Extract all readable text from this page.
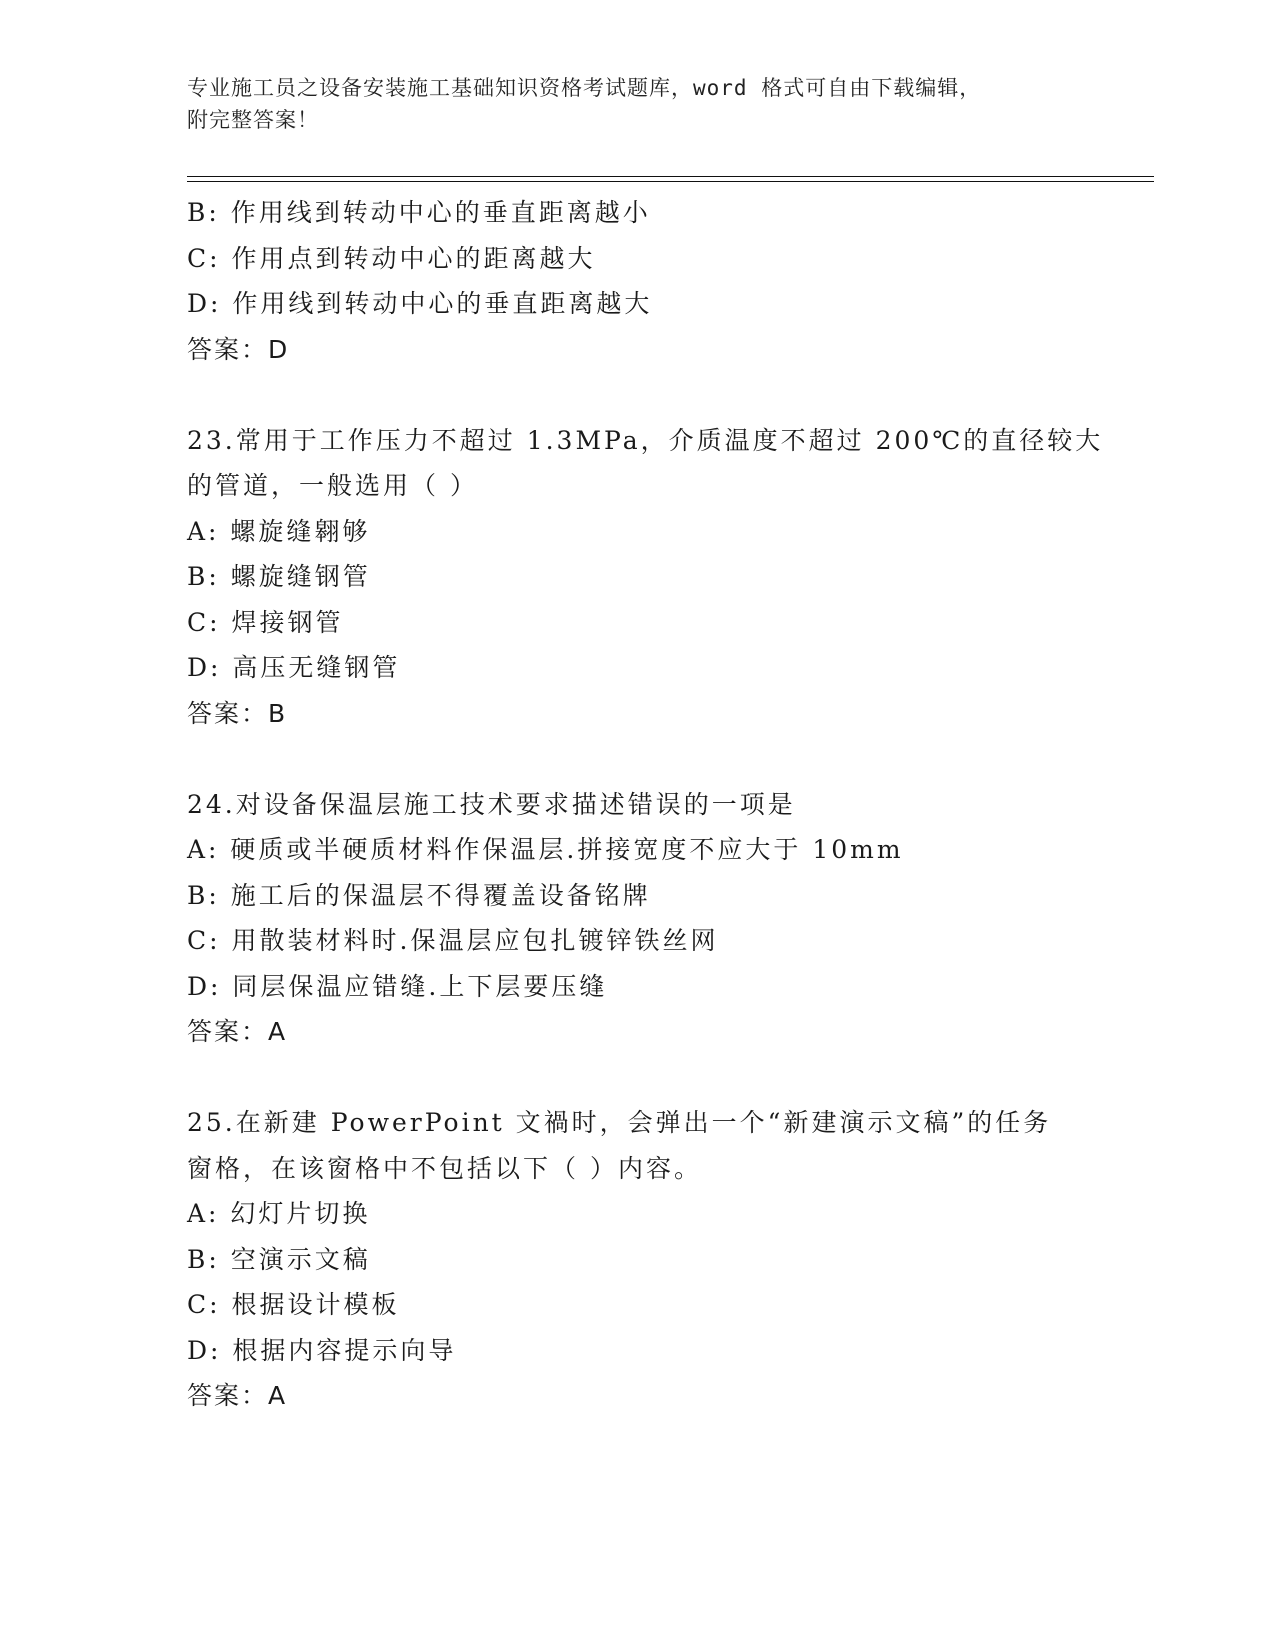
专业施工员之设备安装施工基础知识资格考试题库，word 格式可自由下载编辑，
附完整答案！
B: 作用线到转动中心的垂直距离越小
C: 作用点到转动中心的距离越大
D: 作用线到转动中心的垂直距离越大
答案：D
23.常用于工作压力不超过 1.3MPa，介质温度不超过 200℃的直径较大
的管道，一般选用（ ）
A: 螺旋缝翱够
B: 螺旋缝钢管
C: 焊接钢管
D: 高压无缝钢管
答案：B
24.对设备保温层施工技术要求描述错误的一项是
A: 硬质或半硬质材料作保温层.拼接宽度不应大于 10mm
B: 施工后的保温层不得覆盖设备铭牌
C: 用散装材料时.保温层应包扎镀锌铁丝网
D: 同层保温应错缝.上下层要压缝
答案：A
25.在新建 PowerPoint 文禍时，会弹出一个“新建演示文稿”的任务
窗格，在该窗格中不包括以下（ ）内容。
A: 幻灯片切换
B: 空演示文稿
C: 根据设计模板
D: 根据内容提示向导
答案：A
